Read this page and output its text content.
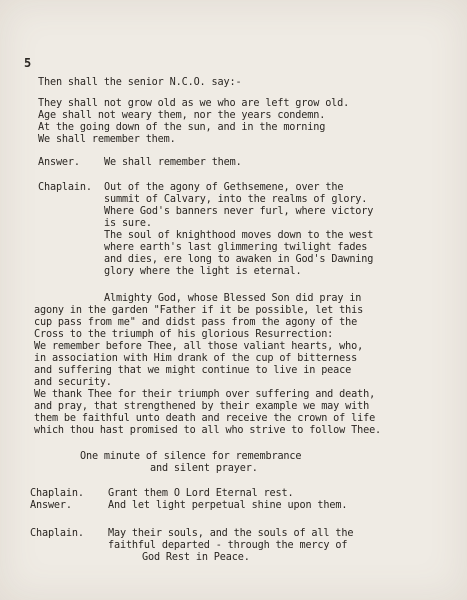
5
Then shall the senior N.C.O. say:-
They shall not grow old as we who are left grow old.
Age shall not weary them, nor the years condemn.
At the going down of the sun, and in the morning
We shall remember them.
Answer. We shall remember them.
Chaplain. Out of the agony of Gethsemene, over the
summit of Calvary, into the realms of glory.
Where God's banners never furl, where victory
is sure.
The soul of knighthood moves down to the west
where earth's last glimmering twilight fades
and dies, ere long to awaken in God's Dawning
glory where the light is eternal.
Almighty God, whose Blessed Son did pray in
agony in the garden "Father if it be possible, let this
cup pass from me" and didst pass from the agony of the
Cross to the triumph of his glorious Resurrection:
We remember before Thee, all those valiant hearts, who,
in association with Him drank of the cup of bitterness
and suffering that we might continue to live in peace
and security.
We thank Thee for their triumph over suffering and death,
and pray, that strengthened by their example we may with
them be faithful unto death and receive the crown of life
which thou hast promised to all who strive to follow Thee.
One minute of silence for remembrance
and silent prayer.
Chaplain. Grant them O Lord Eternal rest.
Answer.	And let light perpetual shine upon them.
Chaplain. May their souls, and the souls of all the
faithful departed - through the mercy of
God Rest in Peace.
